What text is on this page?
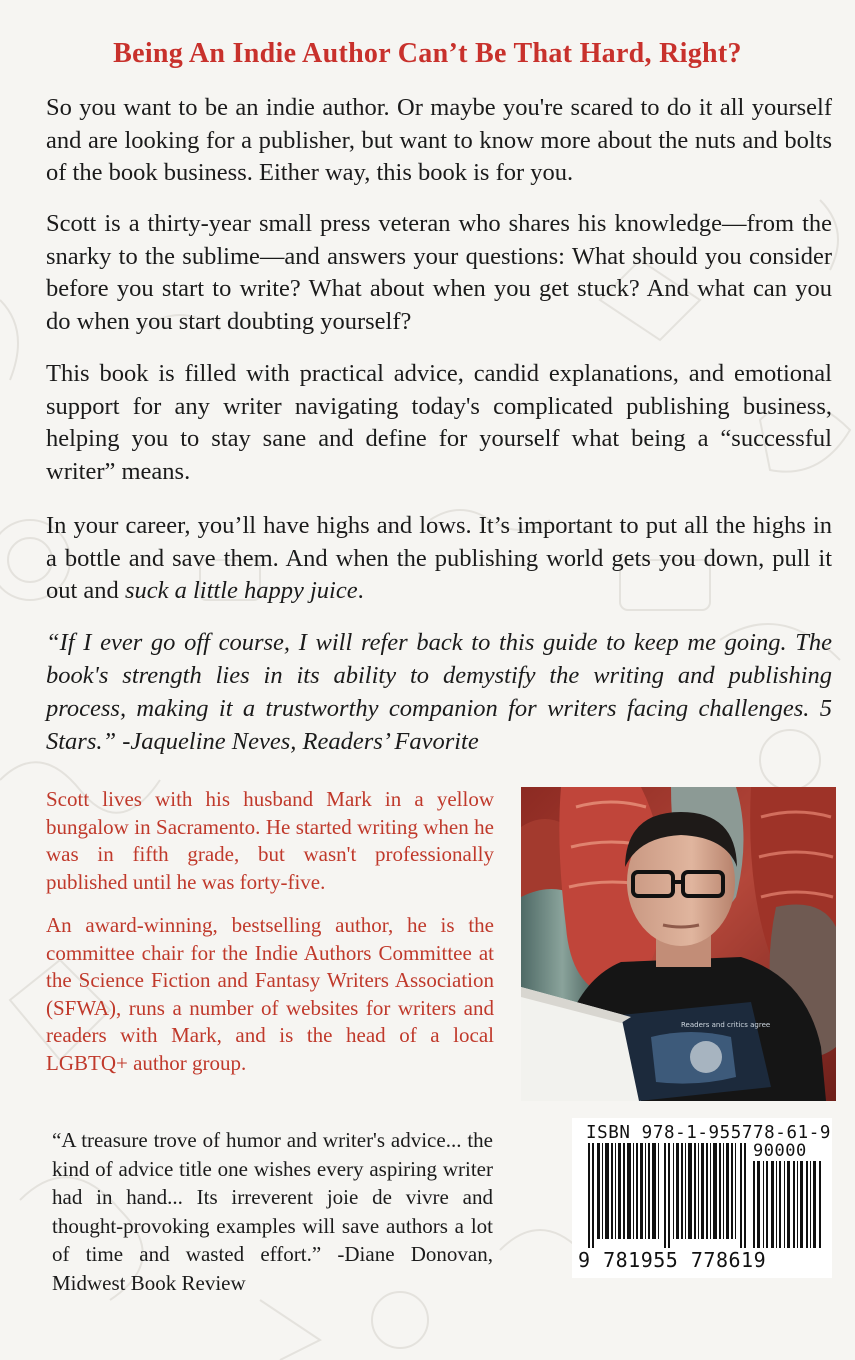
Being An Indie Author Can’t Be That Hard, Right?

So you want to be an indie author. Or maybe you're scared to do it all yourself and are looking for a publisher, but want to know more about the nuts and bolts of the book business. Either way, this book is for you.

Scott is a thirty-year small press veteran who shares his knowledge—from the snarky to the sublime—and answers your questions: What should you consider before you start to write? What about when you get stuck? And what can you do when you start doubting yourself?

This book is filled with practical advice, candid explanations, and emotional support for any writer navigating today's complicated publishing business, helping you to stay sane and define for yourself what being a “successful writer” means.

In your career, you’ll have highs and lows. It’s important to put all the highs in a bottle and save them. And when the publishing world gets you down, pull it out and suck a little happy juice.

“If I ever go off course, I will refer back to this guide to keep me going. The book's strength lies in its ability to demystify the writing and publishing process, making it a trustworthy companion for writers facing challenges. 5 Stars.” -Jaqueline Neves, Readers’ Favorite

Scott lives with his husband Mark in a yellow bungalow in Sacramento. He started writing when he was in fifth grade, but wasn't professionally published until he was forty-five.

An award-winning, bestselling author, he is the committee chair for the Indie Authors Committee at the Science Fiction and Fantasy Writers Association (SFWA), runs a number of websites for writers and readers with Mark, and is the head of a local LGBTQ+ author group.

Readers and critics agree

“A treasure trove of humor and writer's advice... the kind of advice title one wishes every aspiring writer had in hand... Its irreverent joie de vivre and thought-provoking examples will save authors a lot of time and wasted effort.” -Diane Donovan, Midwest Book Review

ISBN 978-1-955778-61-9
90000
9 781955 778619
